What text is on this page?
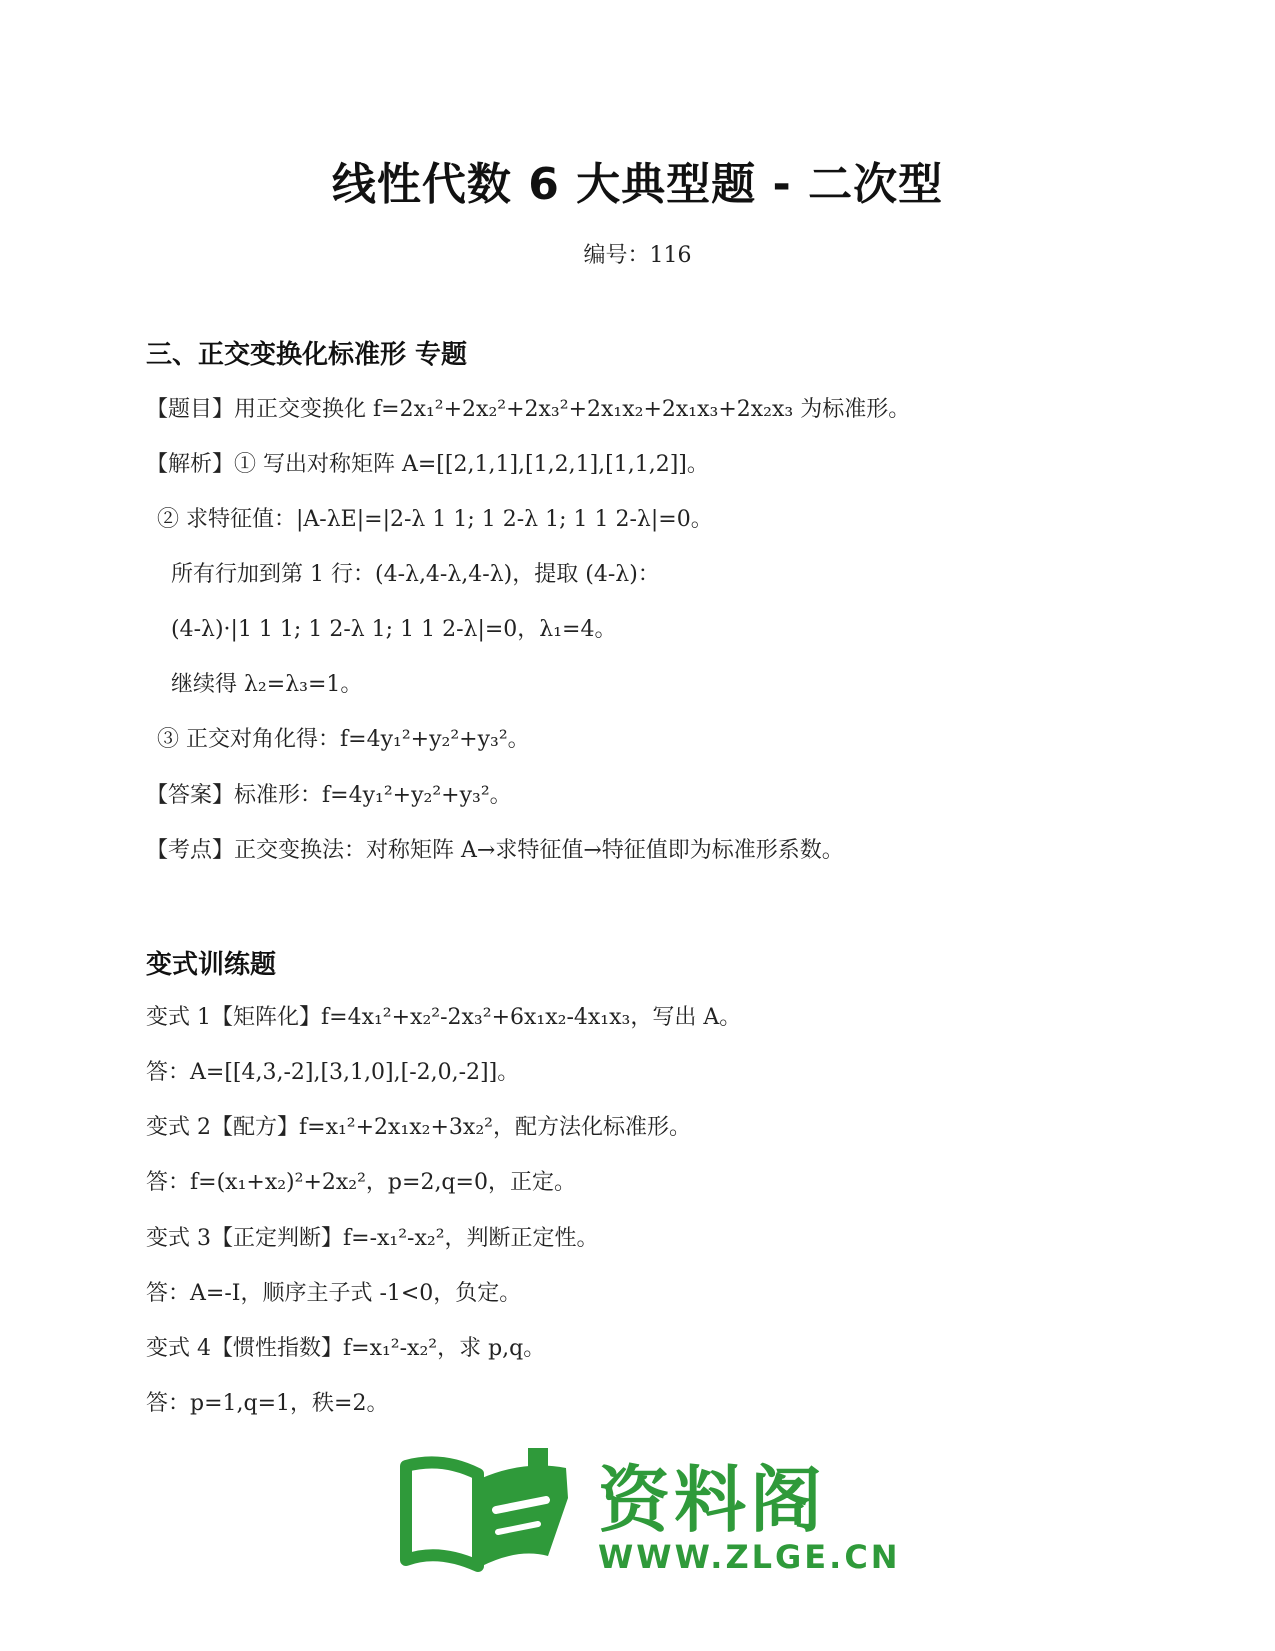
线性代数 6 大典型题 - 二次型
编号：116
三、正交变换化标准形 专题
【题目】用正交变换化 f=2x₁²+2x₂²+2x₃²+2x₁x₂+2x₁x₃+2x₂x₃ 为标准形。
【解析】① 写出对称矩阵 A=[[2,1,1],[1,2,1],[1,1,2]]。
② 求特征值：|A-λE|=|2-λ 1 1; 1 2-λ 1; 1 1 2-λ|=0。
所有行加到第 1 行：(4-λ,4-λ,4-λ)，提取 (4-λ)：
(4-λ)·|1 1 1; 1 2-λ 1; 1 1 2-λ|=0，λ₁=4。
继续得 λ₂=λ₃=1。
③ 正交对角化得：f=4y₁²+y₂²+y₃²。
【答案】标准形：f=4y₁²+y₂²+y₃²。
【考点】正交变换法：对称矩阵 A→求特征值→特征值即为标准形系数。
变式训练题
变式 1【矩阵化】f=4x₁²+x₂²-2x₃²+6x₁x₂-4x₁x₃，写出 A。
答：A=[[4,3,-2],[3,1,0],[-2,0,-2]]。
变式 2【配方】f=x₁²+2x₁x₂+3x₂²，配方法化标准形。
答：f=(x₁+x₂)²+2x₂²，p=2,q=0，正定。
变式 3【正定判断】f=-x₁²-x₂²，判断正定性。
答：A=-I，顺序主子式 -1<0，负定。
变式 4【惯性指数】f=x₁²-x₂²，求 p,q。
答：p=1,q=1，秩=2。
资料阁
WWW.ZLGE.CN
